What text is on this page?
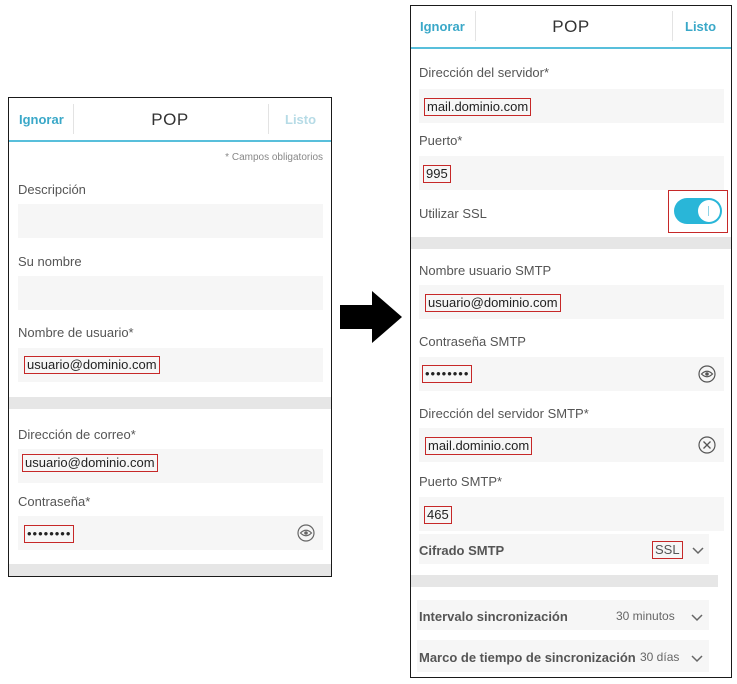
Ignorar	POP	Listo
* Campos obligatorios
Descripción
Su nombre
Nombre de usuario*
usuario@dominio.com
Dirección de correo*
usuario@dominio.com
Contraseña*
••••••••
Ignorar	POP	Listo
Dirección del servidor*
mail.dominio.com
Puerto*
995
Utilizar SSL
Nombre usuario SMTP
usuario@dominio.com
Contraseña SMTP
••••••••
Dirección del servidor SMTP*
mail.dominio.com
Puerto SMTP*
465
Cifrado SMTP	SSL
Intervalo sincronización	30 minutos
Marco de tiempo de sincronización 30 días
